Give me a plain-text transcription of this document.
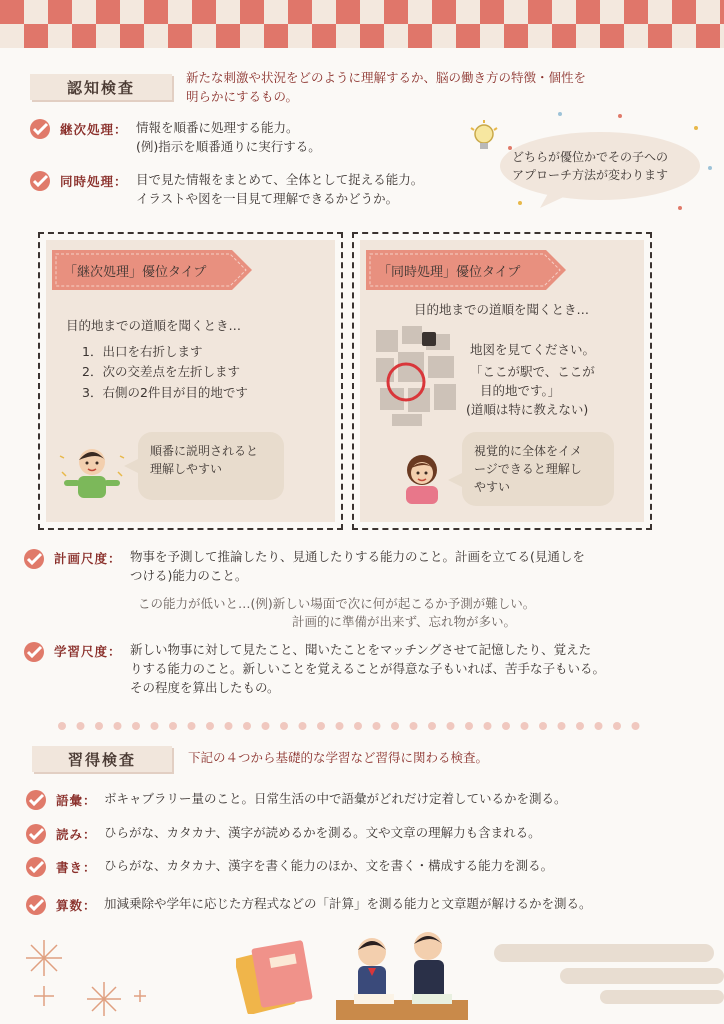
認知検査
新たな刺激や状況をどのように理解するか、脳の働き方の特徴・個性を
明らかにするもの。
継次処理： 情報を順番に処理する能力。
(例)指示を順番通りに実行する。
同時処理： 目で見た情報をまとめて、全体として捉える能力。
イラストや図を一目見て理解できるかどうか。
どちらが優位かでその子への
アプローチ方法が変わります
「継次処理」優位タイプ
目的地までの道順を聞くとき…
1．出口を右折します
2．次の交差点を左折します
3．右側の2件目が目的地です
順番に説明されると
理解しやすい
「同時処理」優位タイプ
目的地までの道順を聞くとき…
地図を見てください。
「ここが駅で、ここが
目的地です。」
(道順は特に教えない)
視覚的に全体をイメ
ージできると理解し
やすい
計画尺度： 物事を予測して推論したり、見通したりする能力のこと。計画を立てる(見通しを
つける)能力のこと。
この能力が低いと…(例)新しい場面で次に何が起こるか予測が難しい。
計画的に準備が出来ず、忘れ物が多い。
学習尺度： 新しい物事に対して見たこと、聞いたことをマッチングさせて記憶したり、覚えた
りする能力のこと。新しいことを覚えることが得意な子もいれば、苦手な子もいる。
その程度を算出したもの。
習得検査	下記の４つから基礎的な学習など習得に関わる検査。
語彙： ボキャブラリー量のこと。日常生活の中で語彙がどれだけ定着しているかを測る。
読み： ひらがな、カタカナ、漢字が読めるかを測る。文や文章の理解力も含まれる。
書き： ひらがな、カタカナ、漢字を書く能力のほか、文を書く・構成する能力を測る。
算数： 加減乗除や学年に応じた方程式などの「計算」を測る能力と文章題が解けるかを測る。
